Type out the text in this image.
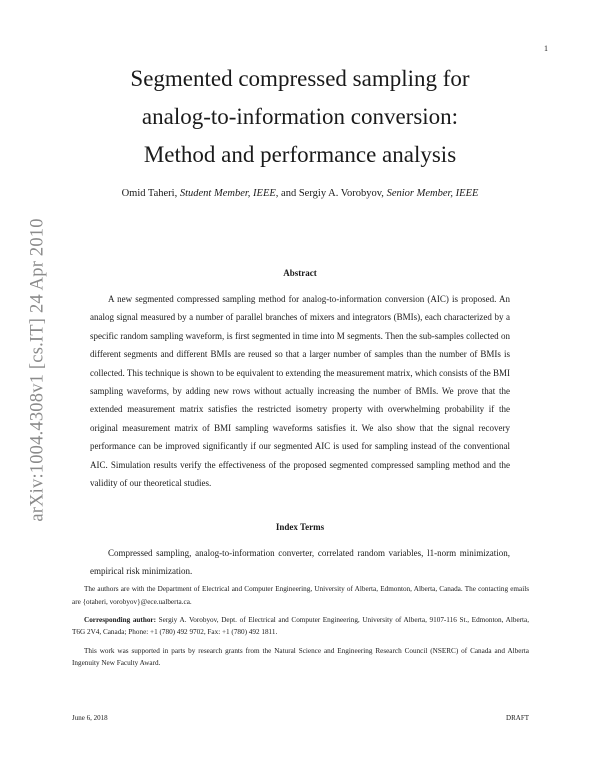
1
arXiv:1004.4308v1 [cs.IT] 24 Apr 2010
Segmented compressed sampling for
analog-to-information conversion:
Method and performance analysis
Omid Taheri, Student Member, IEEE, and Sergiy A. Vorobyov, Senior Member, IEEE
Abstract

A new segmented compressed sampling method for analog-to-information conversion (AIC) is proposed. An analog signal measured by a number of parallel branches of mixers and integrators (BMIs), each characterized by a specific random sampling waveform, is first segmented in time into M segments. Then the sub-samples collected on different segments and different BMIs are reused so that a larger number of samples than the number of BMIs is collected. This technique is shown to be equivalent to extending the measurement matrix, which consists of the BMI sampling waveforms, by adding new rows without actually increasing the number of BMIs. We prove that the extended measurement matrix satisfies the restricted isometry property with overwhelming probability if the original measurement matrix of BMI sampling waveforms satisfies it. We also show that the signal recovery performance can be improved significantly if our segmented AIC is used for sampling instead of the conventional AIC. Simulation results verify the effectiveness of the proposed segmented compressed sampling method and the validity of our theoretical studies.

Index Terms

Compressed sampling, analog-to-information converter, correlated random variables, l1-norm minimization, empirical risk minimization.

The authors are with the Department of Electrical and Computer Engineering, University of Alberta, Edmonton, Alberta, Canada. The contacting emails are {otaheri, vorobyov}@ece.ualberta.ca.

Corresponding author: Sergiy A. Vorobyov, Dept. of Electrical and Computer Engineering, University of Alberta, 9107-116 St., Edmonton, Alberta, T6G 2V4, Canada; Phone: +1 (780) 492 9702, Fax: +1 (780) 492 1811.

This work was supported in parts by research grants from the Natural Science and Engineering Research Council (NSERC) of Canada and Alberta Ingenuity New Faculty Award.

June 6, 2018	DRAFT
